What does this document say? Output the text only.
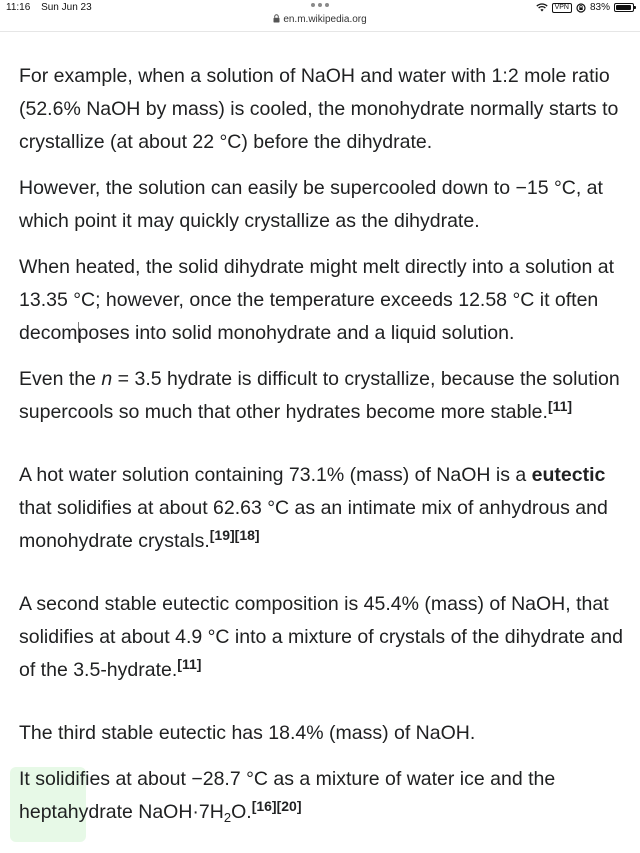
11:16 Sun Jun 23	VPN	83%
en.m.wikipedia.org

For example, when a solution of NaOH and water with 1:2 mole ratio (52.6% NaOH by mass) is cooled, the monohydrate normally starts to crystallize (at about 22 °C) before the dihydrate.

However, the solution can easily be supercooled down to −15 °C, at which point it may quickly crystallize as the dihydrate.

When heated, the solid dihydrate might melt directly into a solution at 13.35 °C; however, once the temperature exceeds 12.58 °C it often decomposes into solid monohydrate and a liquid solution.

Even the n = 3.5 hydrate is difficult to crystallize, because the solution supercools so much that other hydrates become more stable.[11]

A hot water solution containing 73.1% (mass) of NaOH is a eutectic that solidifies at about 62.63 °C as an intimate mix of anhydrous and monohydrate crystals.[19][18]

A second stable eutectic composition is 45.4% (mass) of NaOH, that solidifies at about 4.9 °C into a mixture of crystals of the dihydrate and of the 3.5-hydrate.[11]

The third stable eutectic has 18.4% (mass) of NaOH.

It solidifies at about −28.7 °C as a mixture of water ice and the heptahydrate $NaOH\cdot 7H_2O.[16][20]$
